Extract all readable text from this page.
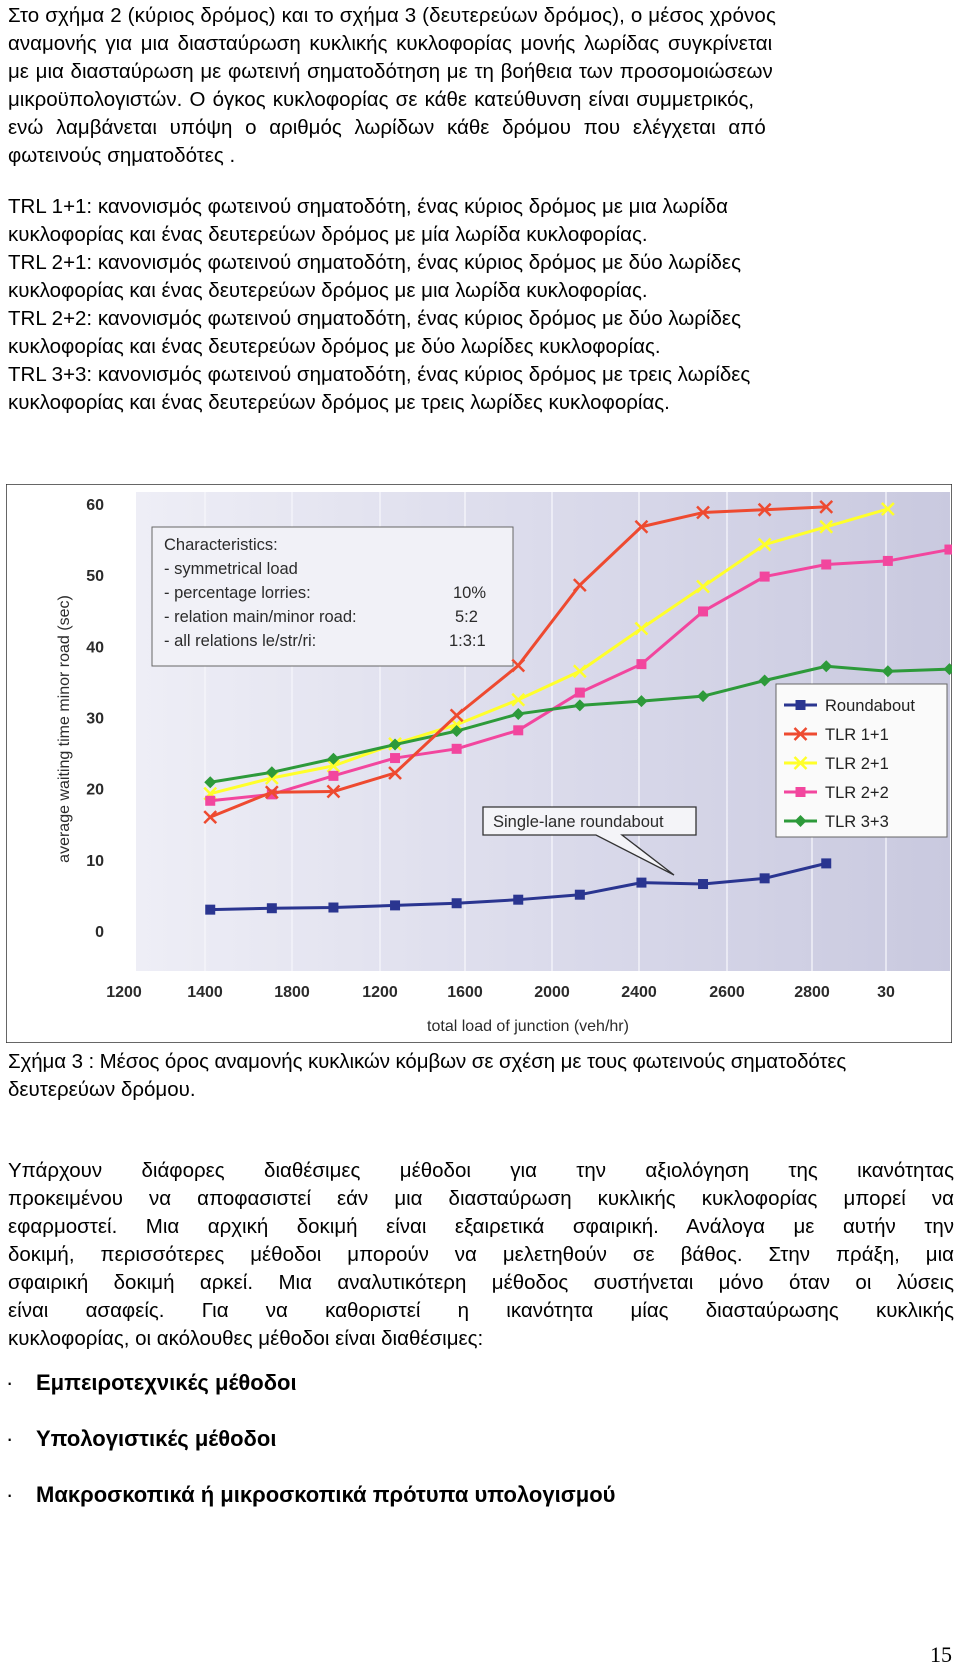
Στο σχήμα 2 (κύριος δρόμος) και το σχήμα 3 (δευτερεύων δρόμος), ο μέσος χρόνος
αναμονής για μια διασταύρωση κυκλικής κυκλοφορίας μονής λωρίδας συγκρίνεται
με μια διασταύρωση με φωτεινή σηματοδότηση με τη βοήθεια των προσομοιώσεων
μικροϋπολογιστών. Ο όγκος κυκλοφορίας σε κάθε κατεύθυνση είναι συμμετρικός,
ενώ λαμβάνεται υπόψη ο αριθμός λωρίδων κάθε δρόμου που ελέγχεται από
φωτεινούς σηματοδότες .
TRL 1+1: κανονισμός φωτεινού σηματοδότη, ένας κύριος δρόμος με μια λωρίδα
κυκλοφορίας και ένας δευτερεύων δρόμος με μία λωρίδα κυκλοφορίας.
TRL 2+1: κανονισμός φωτεινού σηματοδότη, ένας κύριος δρόμος με δύο λωρίδες
κυκλοφορίας και ένας δευτερεύων δρόμος με μια λωρίδα κυκλοφορίας.
TRL 2+2: κανονισμός φωτεινού σηματοδότη, ένας κύριος δρόμος με δύο λωρίδες
κυκλοφορίας και ένας δευτερεύων δρόμος με δύο λωρίδες κυκλοφορίας.
TRL 3+3: κανονισμός φωτεινού σηματοδότη, ένας κύριος δρόμος με τρεις λωρίδες
κυκλοφορίας και ένας δευτερεύων δρόμος με τρεις λωρίδες κυκλοφορίας.
0
10
20
30
40
50
60
1200	1400	1800	1200	1600	2000	2400	2600	2800	30
average waiting time minor road (sec)
total load of junction (veh/hr)
Characteristics:
- symmetrical load
- percentage lorries:	10%
- relation main/minor road:	5:2
- all relations le/str/ri:	1:3:1
Single-lane roundabout
Roundabout
TLR 1+1
TLR 2+1
TLR 2+2
TLR 3+3
Σχήμα 3 : Μέσος όρος αναμονής κυκλικών κόμβων σε σχέση με τους φωτεινούς σηματοδότες
δευτερεύων δρόμου.
Υπάρχουν διάφορες διαθέσιμες μέθοδοι για την αξιολόγηση της ικανότητας
προκειμένου να αποφασιστεί εάν μια διασταύρωση κυκλικής κυκλοφορίας μπορεί να
εφαρμοστεί. Μια αρχική δοκιμή είναι εξαιρετικά σφαιρική. Ανάλογα με αυτήν την
δοκιμή, περισσότερες μέθοδοι μπορούν να μελετηθούν σε βάθος. Στην πράξη, μια
σφαιρική δοκιμή αρκεί. Μια αναλυτικότερη μέθοδος συστήνεται μόνο όταν οι λύσεις
είναι ασαφείς. Για να καθοριστεί η ικανότητα μίας διασταύρωσης κυκλικής
κυκλοφορίας, οι ακόλουθες μέθοδοι είναι διαθέσιμες:
· Εμπειροτεχνικές μέθοδοι
· Υπολογιστικές μέθοδοι
· Μακροσκοπικά ή μικροσκοπικά πρότυπα υπολογισμού
15
